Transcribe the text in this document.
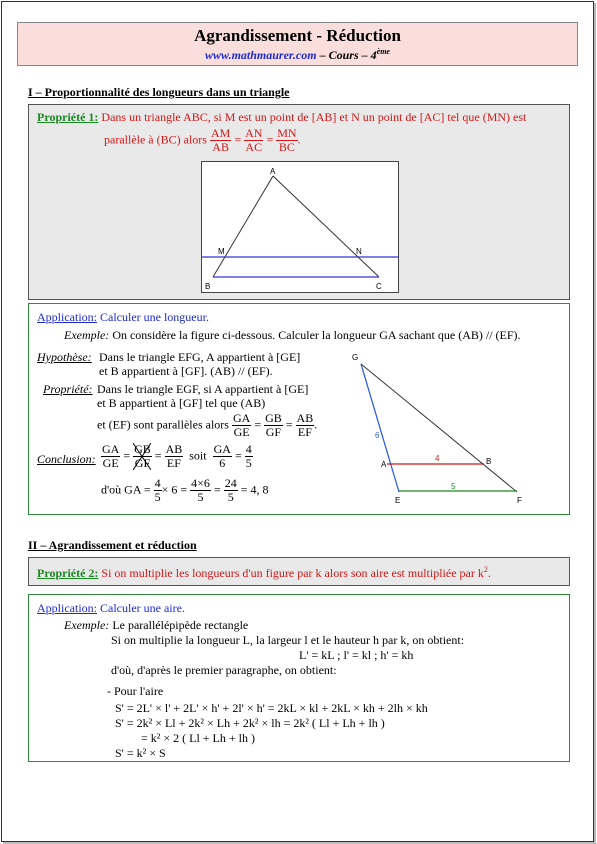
Agrandissement - Réduction
www.mathmaurer.com – Cours – 4ème
I – Proportionnalité des longueurs dans un triangle
Propriété 1: Dans un triangle ABC, si M est un point de [AB] et N un point de [AC] tel que (MN) est
parallèle à (BC) alors $\frac{AM}{AB} = \frac{AN}{AC} = \frac{MN}{BC}$ .
A
B	C
M	N
Application: Calculer une longueur.
Exemple: On considère la figure ci-dessous. Calculer la longueur GA sachant que (AB) // (EF).
Hypothèse: Dans le triangle EFG, A appartient à [GE]
et B appartient à [GF]. (AB) // (EF).
Propriété: Dans le triangle EGF, si A appartient à [GE]
et B appartient à [GF] tel que (AB)
et (EF) sont parallèles alors $\frac{GA}{GE} = \frac{GB}{GF} = \frac{AB}{EF}$ .
Conclusion: $\frac{GA}{GE} = \frac{GB}{GF} = \frac{AB}{EF}$ soit $\frac{GA}{6} = \frac{4}{5}$
d'où GA = $\frac{4}{5} \times 6 = \frac{4\times 6}{5} = \frac{24}{5} = 4$, 8
G
A	B
E	F
6
4
5
II – Agrandissement et réduction
Propriété 2: Si on multiplie les longueurs d'un figure par k alors son aire est multipliée par $k^2$.
Application: Calculer une aire.
Exemple: Le parallélépipède rectangle
Si on multiplie la longueur L, la largeur l et le hauteur h par k, on obtient:
L' = kL ; l' = kl ; h' = kh
d'où, d'après le premier paragraphe, on obtient:
- Pour l'aire
S' = 2L' × l' + 2L' × h' + 2l' × h' = 2kL × kl + 2kL × kh + 2lh × kh
S' = 2k² × Ll + 2k² × Lh + 2k² × lh = 2k² ( Ll + Lh + lh )
= k² × 2 ( Ll + Lh + lh )
S' = k² × S
